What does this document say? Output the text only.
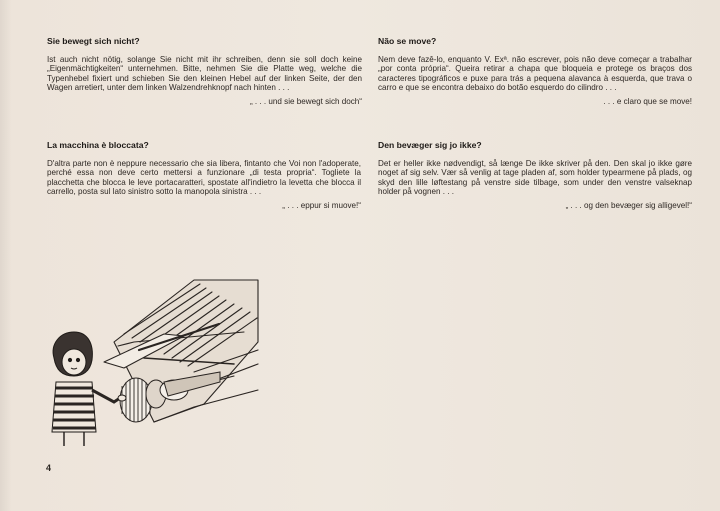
Sie bewegt sich nicht?

Ist auch nicht nötig, solange Sie nicht mit ihr schreiben, denn sie soll doch keine „Eigenmächtigkeiten“ unternehmen. Bitte, nehmen Sie die Platte weg, welche die Typenhebel fixiert und schieben Sie den kleinen Hebel auf der linken Seite, der den Wagen arretiert, unter dem linken Walzendrehknopf nach hinten . . .

„ . . . und sie bewegt sich doch“
La macchina è bloccata?

D'altra parte non è neppure necessario che sia libera, fintanto che Voi non l'adoperate, perché essa non deve certo mettersi a funzionare „di testa propria“. Togliete la placchetta che blocca le leve portacaratteri, spostate all'indietro la levetta che blocca il carrello, posta sul lato sinistro sotto la manopola sinistra . . .

„ . . . eppur si muove!“
Não se move?

Nem deve fazê-lo, enquanto V. Exª. não escrever, pois não deve começar a trabalhar „por conta própria“. Queira retirar a chapa que bloqueia e protege os braços dos caracteres tipográficos e puxe para trás a pequena alavanca à esquerda, que trava o carro e que se encontra debaixo do botão esquerdo do cilindro . . .

. . . e claro que se move!
Den bevæger sig jo ikke?

Det er heller ikke nødvendigt, så længe De ikke skriver på den. Den skal jo ikke gøre noget af sig selv. Vær så venlig at tage pladen af, som holder typearmene på plads, og skyd den lille løftestang på venstre side tilbage, som under den venstre valseknap holder på vognen . . .

„ . . . og den bevæger sig alligevel!“
4
